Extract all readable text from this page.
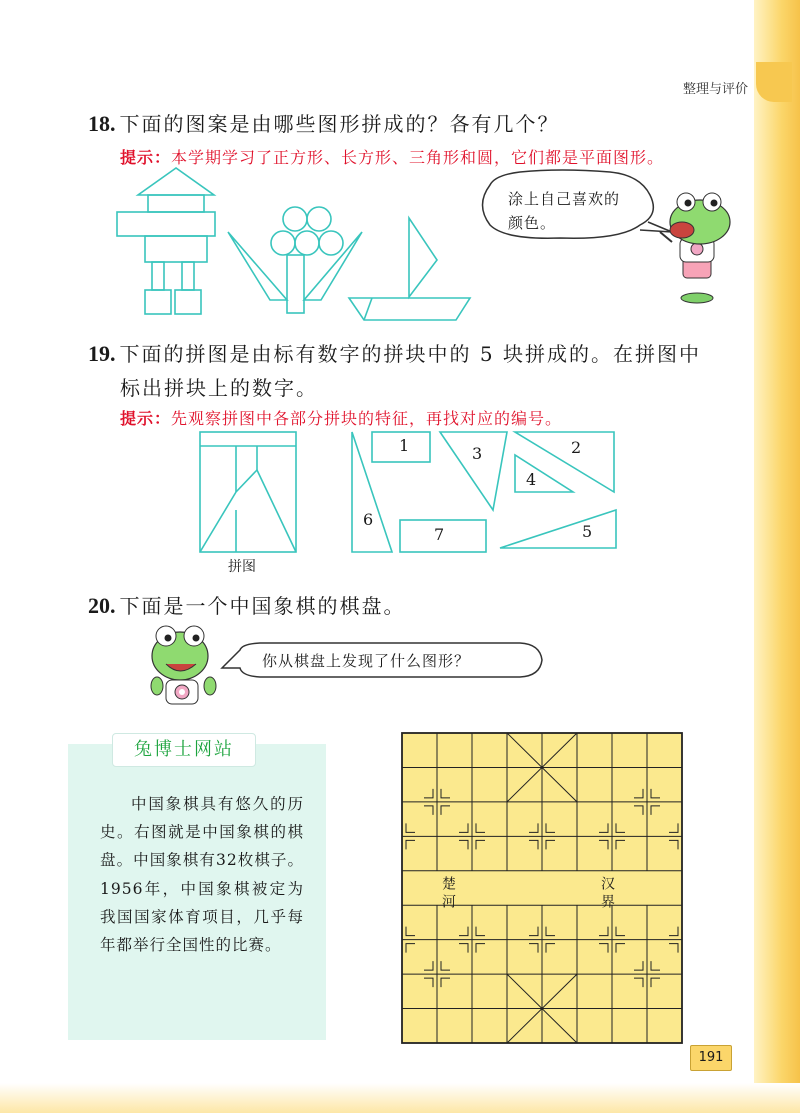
整理与评价
18. 下面的图案是由哪些图形拼成的？各有几个？
提示：本学期学习了正方形、长方形、三角形和圆，它们都是平面图形。
涂上自己喜欢的颜色。
19. 下面的拼图是由标有数字的拼块中的 5 块拼成的。在拼图中
标出拼块上的数字。
提示：先观察拼图中各部分拼块的特征，再找对应的编号。
1	2
3
4
5
6
7
拼图
20. 下面是一个中国象棋的棋盘。
你从棋盘上发现了什么图形？
兔博士网站
中国象棋具有悠久的历史。右图就是中国象棋的棋盘。中国象棋有32枚棋子。1956年，中国象棋被定为我国国家体育项目，几乎每年都举行全国性的比赛。
楚河	汉界
191
